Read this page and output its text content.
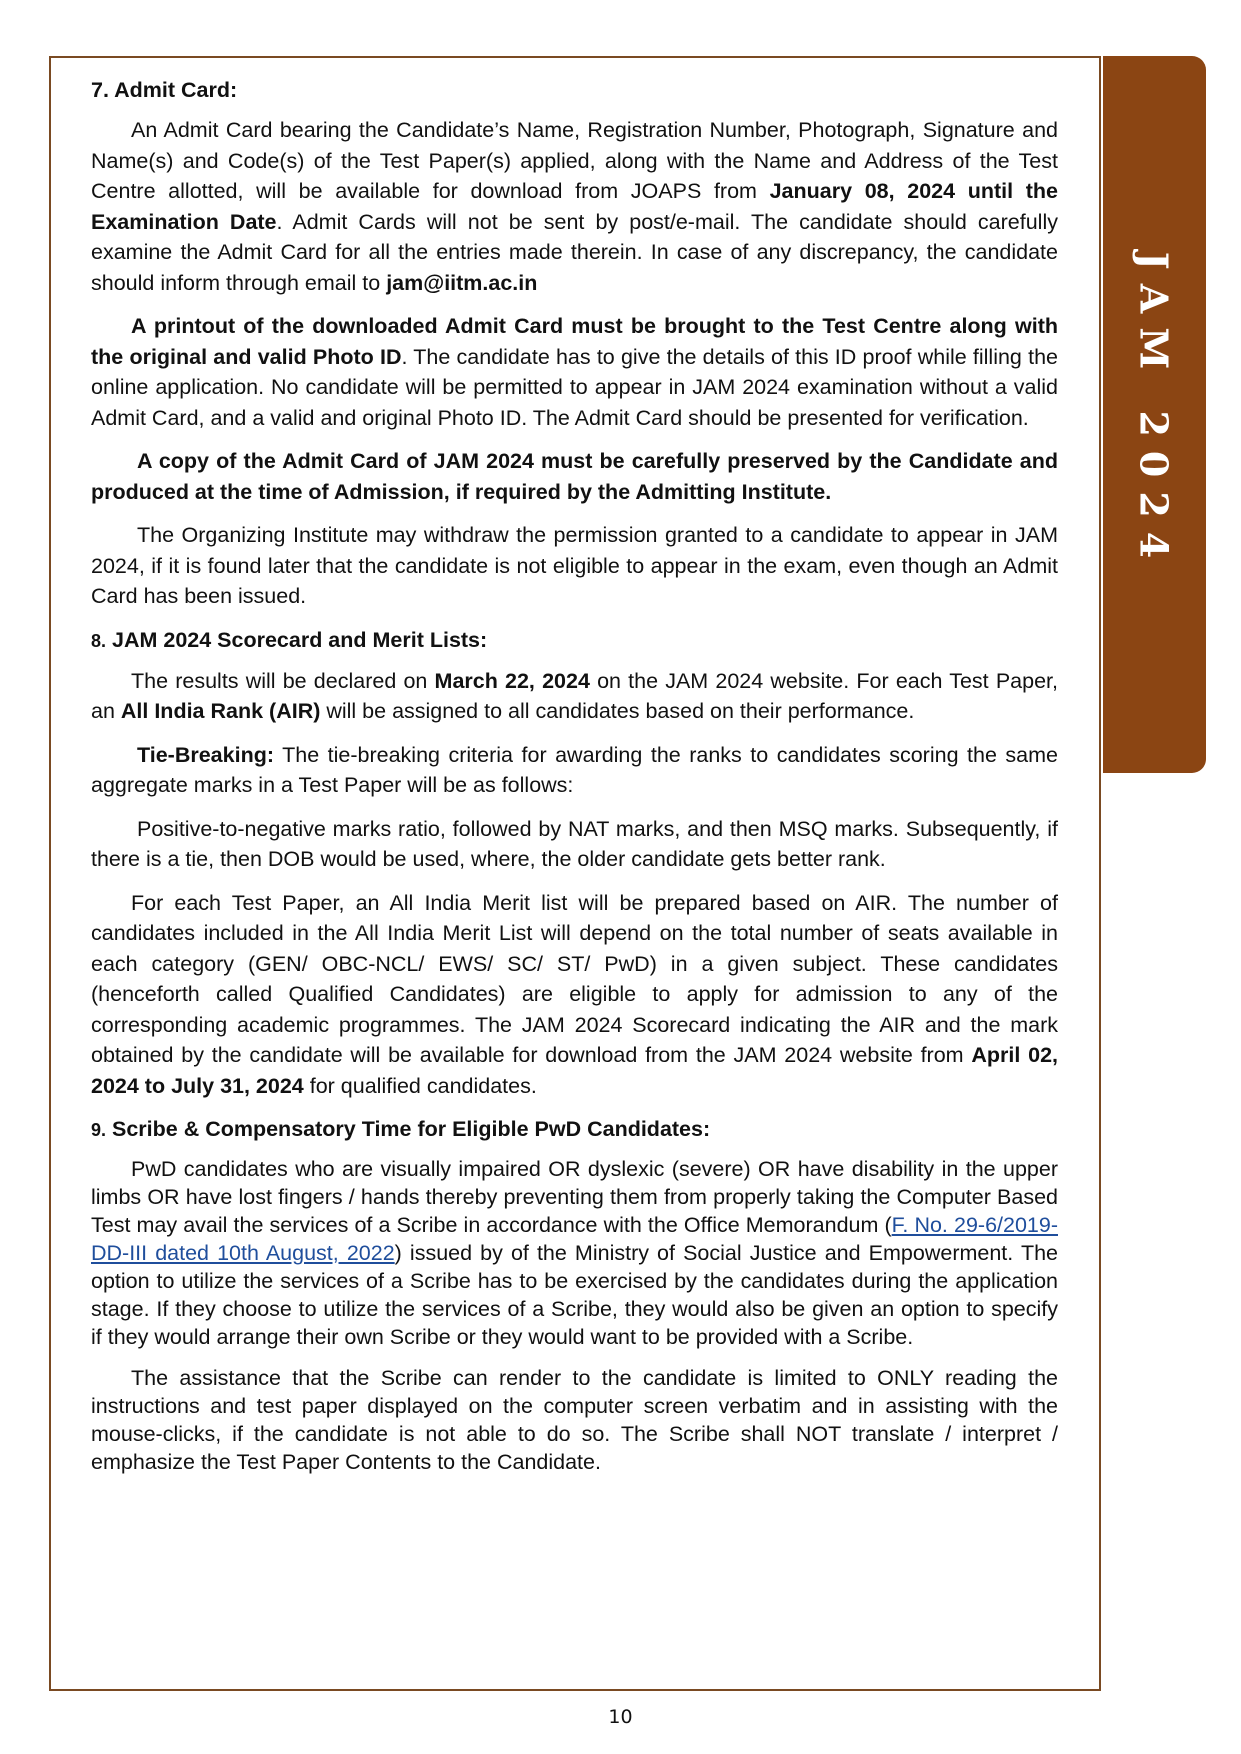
JAM 2024
7. Admit Card:

An Admit Card bearing the Candidate’s Name, Registration Number, Photograph, Signature and Name(s) and Code(s) of the Test Paper(s) applied, along with the Name and Address of the Test Centre allotted, will be available for download from JOAPS from January 08, 2024 until the Examination Date. Admit Cards will not be sent by post/e-mail. The candidate should carefully examine the Admit Card for all the entries made therein. In case of any discrepancy, the candidate should inform through email to jam@iitm.ac.in

A printout of the downloaded Admit Card must be brought to the Test Centre along with the original and valid Photo ID. The candidate has to give the details of this ID proof while filling the online application. No candidate will be permitted to appear in JAM 2024 examination without a valid Admit Card, and a valid and original Photo ID. The Admit Card should be presented for verification.

A copy of the Admit Card of JAM 2024 must be carefully preserved by the Candidate and produced at the time of Admission, if required by the Admitting Institute.

The Organizing Institute may withdraw the permission granted to a candidate to appear in JAM 2024, if it is found later that the candidate is not eligible to appear in the exam, even though an Admit Card has been issued.

8. JAM 2024 Scorecard and Merit Lists:

The results will be declared on March 22, 2024 on the JAM 2024 website. For each Test Paper, an All India Rank (AIR) will be assigned to all candidates based on their performance.

Tie-Breaking: The tie-breaking criteria for awarding the ranks to candidates scoring the same aggregate marks in a Test Paper will be as follows:

Positive-to-negative marks ratio, followed by NAT marks, and then MSQ marks. Subsequently, if there is a tie, then DOB would be used, where, the older candidate gets better rank.

For each Test Paper, an All India Merit list will be prepared based on AIR. The number of candidates included in the All India Merit List will depend on the total number of seats available in each category (GEN/ OBC-NCL/ EWS/ SC/ ST/ PwD) in a given subject. These candidates (henceforth called Qualified Candidates) are eligible to apply for admission to any of the corresponding academic programmes. The JAM 2024 Scorecard indicating the AIR and the mark obtained by the candidate will be available for download from the JAM 2024 website from April 02, 2024 to July 31, 2024 for qualified candidates.

9. Scribe & Compensatory Time for Eligible PwD Candidates:

PwD candidates who are visually impaired OR dyslexic (severe) OR have disability in the upper limbs OR have lost fingers / hands thereby preventing them from properly taking the Computer Based Test may avail the services of a Scribe in accordance with the Office Memorandum (F. No. 29-6/2019-DD-III dated 10th August, 2022) issued by of the Ministry of Social Justice and Empowerment. The option to utilize the services of a Scribe has to be exercised by the candidates during the application stage. If they choose to utilize the services of a Scribe, they would also be given an option to specify if they would arrange their own Scribe or they would want to be provided with a Scribe.

The assistance that the Scribe can render to the candidate is limited to ONLY reading the instructions and test paper displayed on the computer screen verbatim and in assisting with the mouse-clicks, if the candidate is not able to do so. The Scribe shall NOT translate / interpret / emphasize the Test Paper Contents to the Candidate.

10
